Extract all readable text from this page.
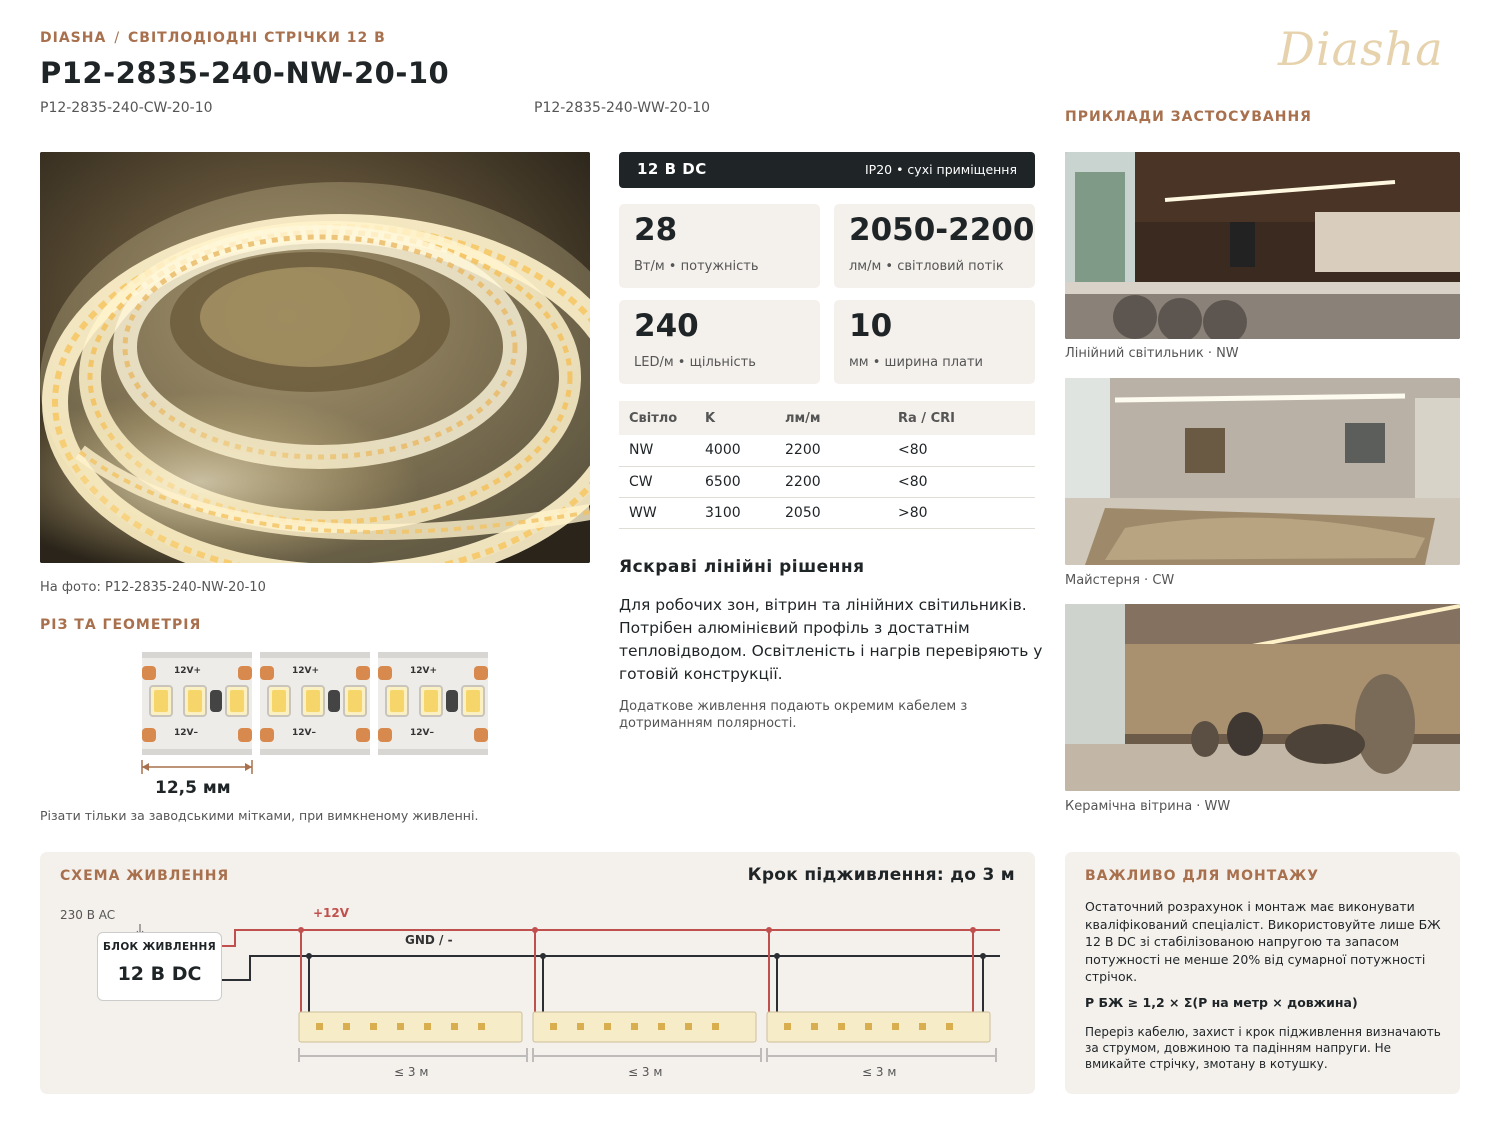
DIASHA / СВІТЛОДІОДНІ СТРІЧКИ 12 В
P12-2835-240-NW-20-10
P12-2835-240-CW-20-10	P12-2835-240-WW-20-10
Diasha
На фото: P12-2835-240-NW-20-10
РІЗ ТА ГЕОМЕТРІЯ
12V+
12V–
12V+
12V–
12V+
12V–
12,5 мм
Різати тільки за заводськими мітками, при вимкненому живленні.
12 В DC	IP20 • сухі приміщення
28
Вт/м • потужність
2050-2200
лм/м • світловий потік
240
LED/м • щільність
10
мм • ширина плати
Світло	K	лм/м	Ra / CRI
NW	4000	2200	<80
CW	6500	2200	<80
WW	3100	2050	>80
Яскраві лінійні рішення
Для робочих зон, вітрин та лінійних світильників. Потрібен алюмінієвий профіль з достатнім тепловідводом. Освітленість і нагрів перевіряють у готовій конструкції.
Додаткове живлення подають окремим кабелем з дотриманням полярності.
ПРИКЛАДИ ЗАСТОСУВАННЯ
Лінійний світильник · NW
Майстерня · CW
Керамічна вітрина · WW
СХЕМА ЖИВЛЕННЯ	Крок підживлення: до 3 м
230 В AC	+12V
GND / -
БЛОК ЖИВЛЕННЯ
12 В DC
≤ 3 м	≤ 3 м	≤ 3 м
ВАЖЛИВО ДЛЯ МОНТАЖУ

Остаточний розрахунок і монтаж має виконувати кваліфікований спеціаліст. Використовуйте лише БЖ 12 В DC зі стабілізованою напругою та запасом потужності не менше 20% від сумарної потужності стрічок.

P БЖ ≥ 1,2 × Σ(P на метр × довжина)

Переріз кабелю, захист і крок підживлення визначають за струмом, довжиною та падінням напруги. Не вмикайте стрічку, змотану в котушку.
